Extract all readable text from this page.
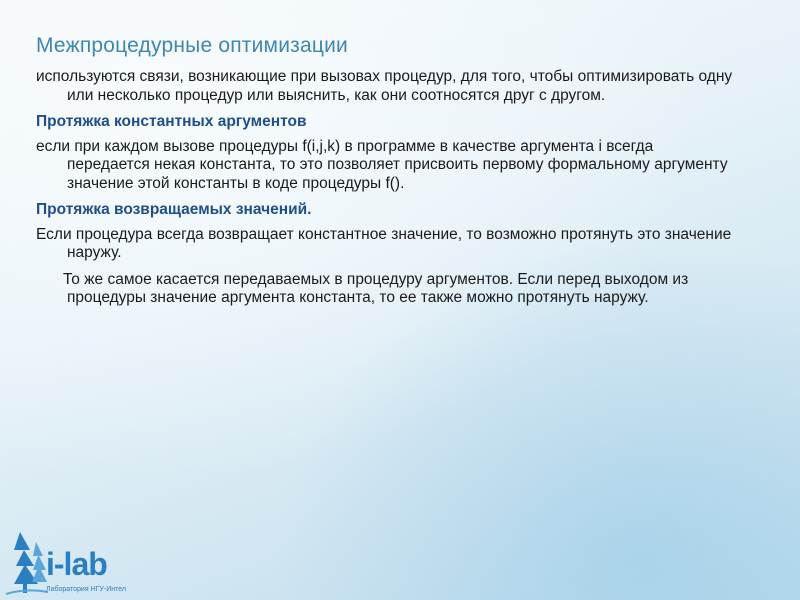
Межпроцедурные оптимизации

используются связи, возникающие при вызовах процедур, для того, чтобы оптимизировать одну или несколько процедур или выяснить, как они соотносятся друг с другом.

Протяжка константных аргументов

если при каждом вызове процедуры f(i,j,k) в программе в качестве аргумента i всегда передается некая константа, то это позволяет присвоить первому формальному аргументу значение этой константы в коде процедуры f().

Протяжка возвращаемых значений.

Если процедура всегда возвращает константное значение, то возможно протянуть это значение наружу.

То же самое касается передаваемых в процедуру аргументов. Если перед выходом из процедуры значение аргумента константа, то ее также можно протянуть наружу.

i-lab
Лаборатория НГУ-Интел
